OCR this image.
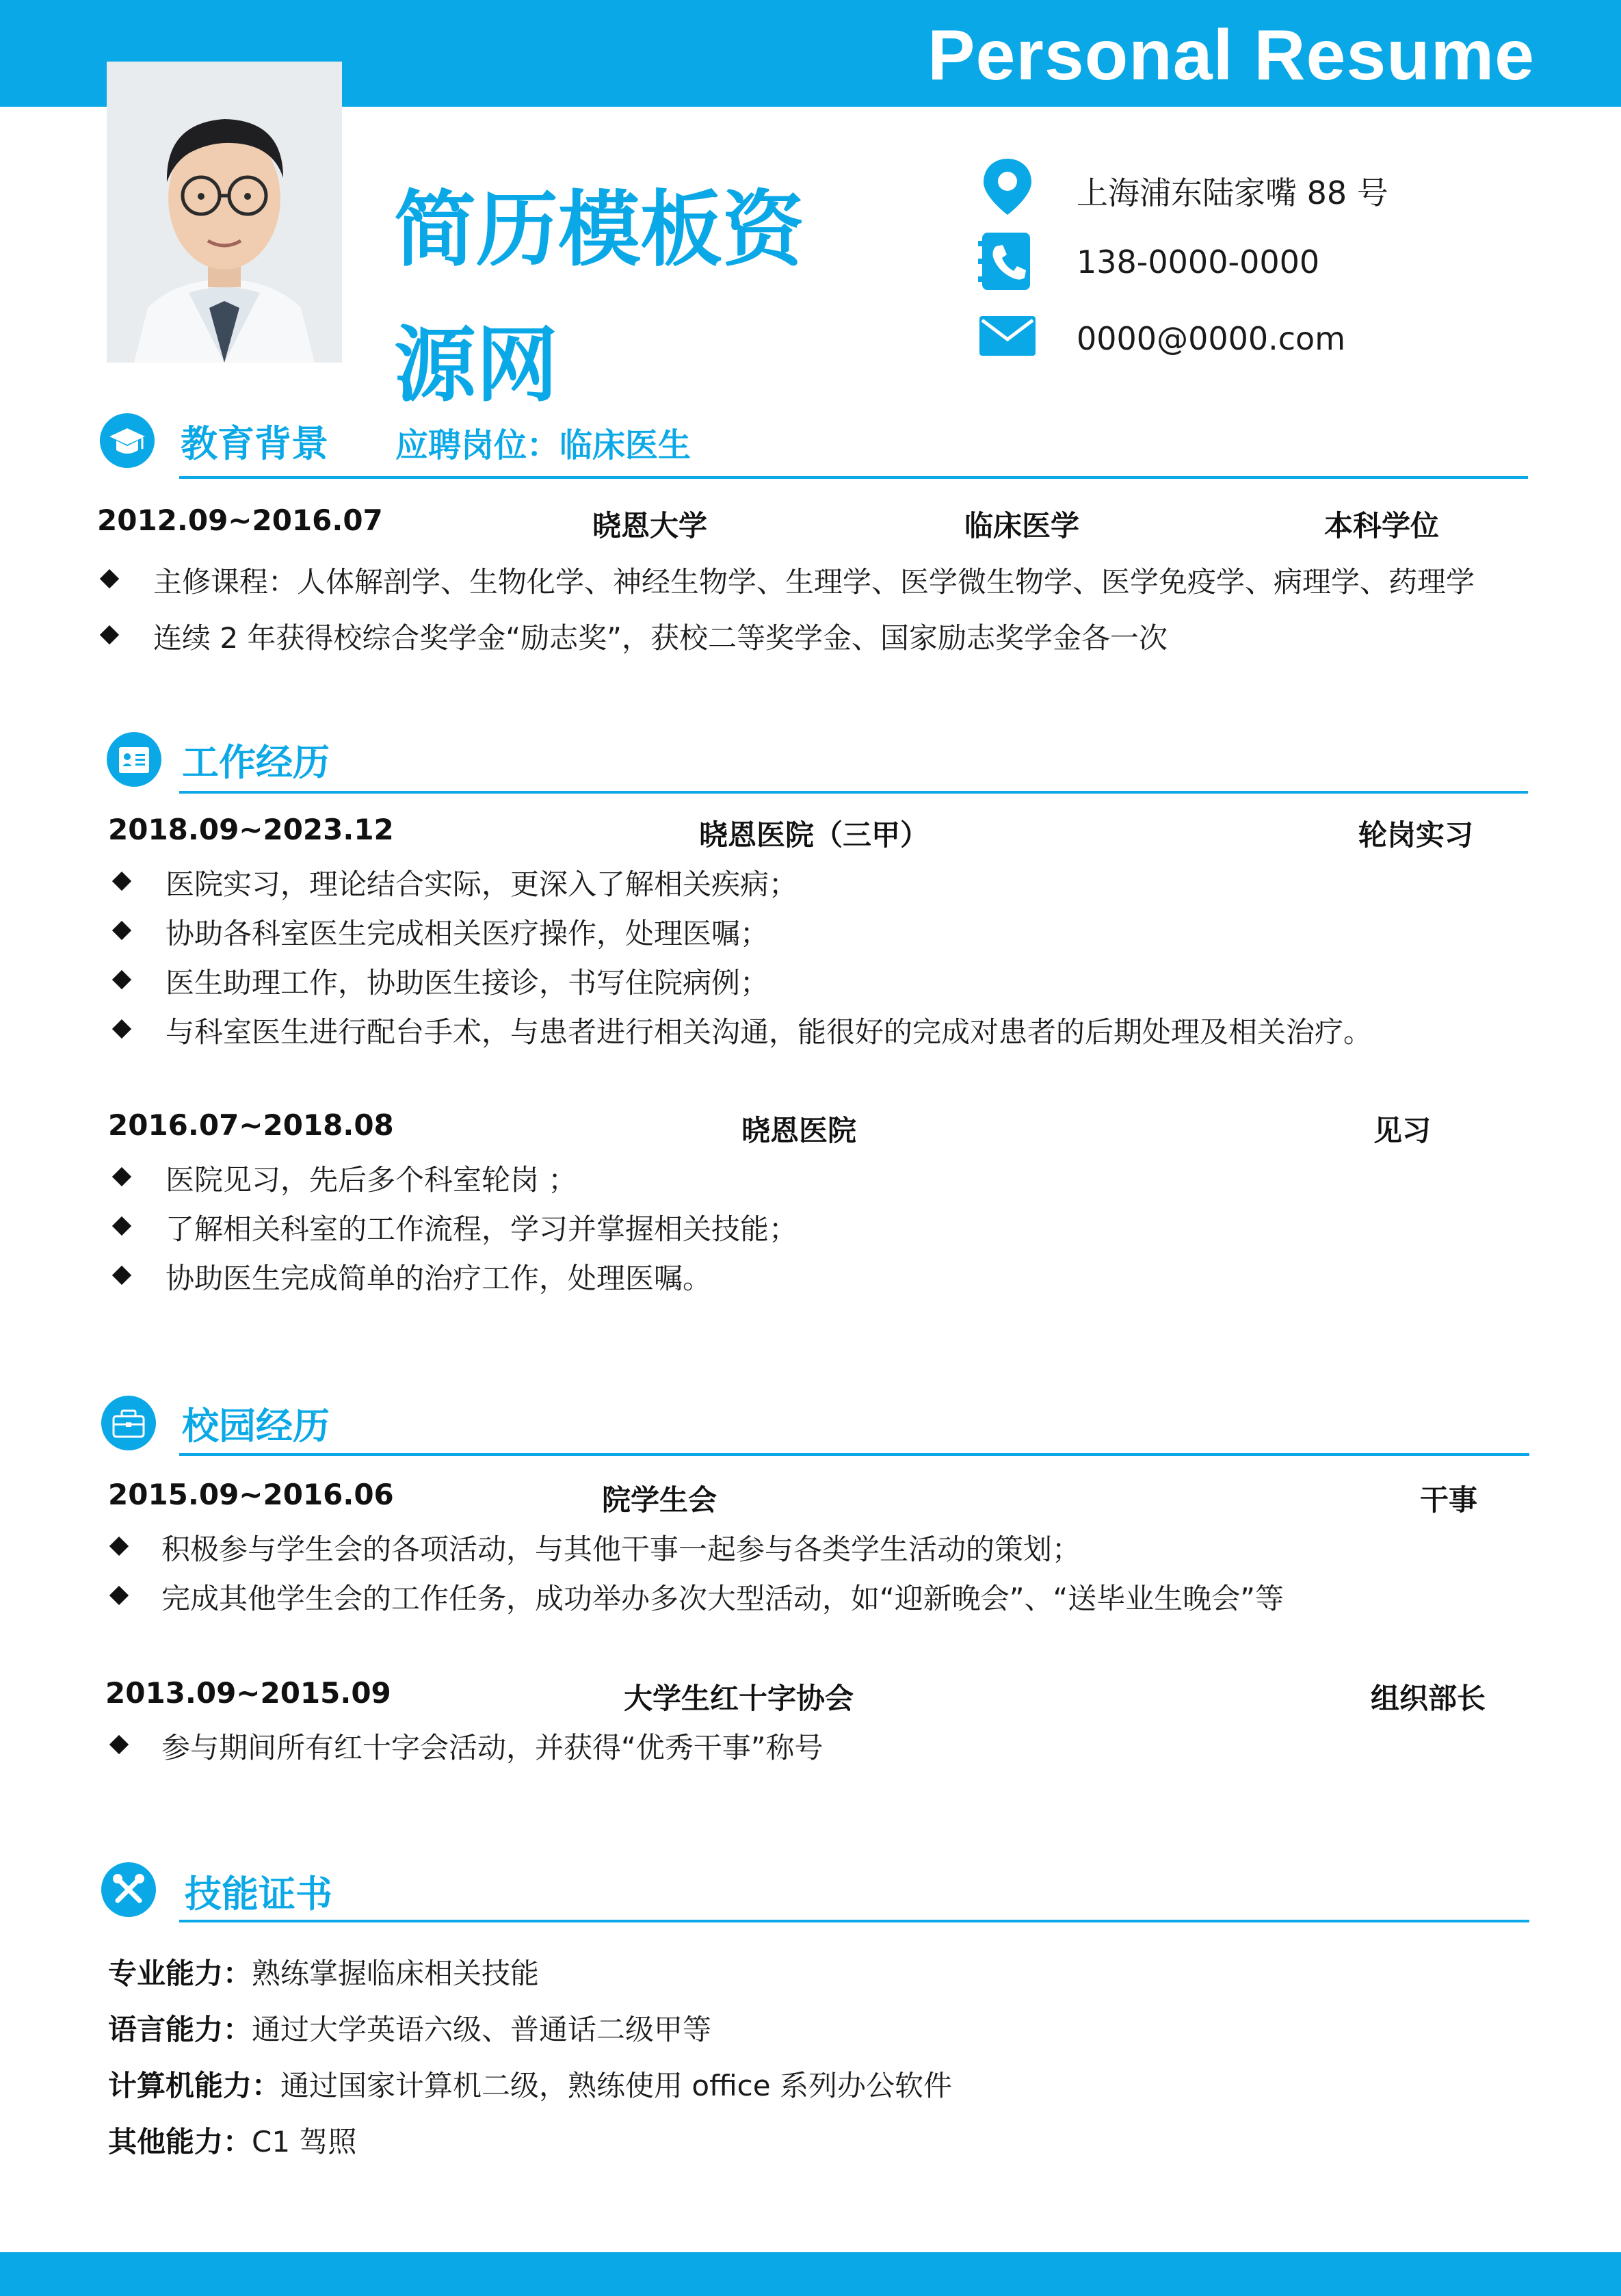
Personal Resume
简历模板资
源网
上海浦东陆家嘴 88 号
138-0000-0000
0000@0000.com
教育背景 应聘岗位：临床医生
2012.09~2016.07	晓恩大学	临床医学	本科学位
主修课程：人体解剖学、生物化学、神经生物学、生理学、医学微生物学、医学免疫学、病理学、药理学
连续 2 年获得校综合奖学金“励志奖”，获校二等奖学金、国家励志奖学金各一次
工作经历
2018.09~2023.12	晓恩医院（三甲）	轮岗实习
医院实习，理论结合实际，更深入了解相关疾病；
协助各科室医生完成相关医疗操作，处理医嘱；
医生助理工作，协助医生接诊，书写住院病例；
与科室医生进行配台手术，与患者进行相关沟通，能很好的完成对患者的后期处理及相关治疗。
2016.07~2018.08	晓恩医院	见习
医院见习，先后多个科室轮岗 ；
了解相关科室的工作流程，学习并掌握相关技能；
协助医生完成简单的治疗工作，处理医嘱。
校园经历
2015.09~2016.06	院学生会	干事
积极参与学生会的各项活动，与其他干事一起参与各类学生活动的策划；
完成其他学生会的工作任务，成功举办多次大型活动，如“迎新晚会”、“送毕业生晚会”等
2013.09~2015.09	大学生红十字协会	组织部长
参与期间所有红十字会活动，并获得“优秀干事”称号
技能证书
专业能力：熟练掌握临床相关技能
语言能力：通过大学英语六级、普通话二级甲等
计算机能力：通过国家计算机二级，熟练使用 office 系列办公软件
其他能力：C1 驾照
